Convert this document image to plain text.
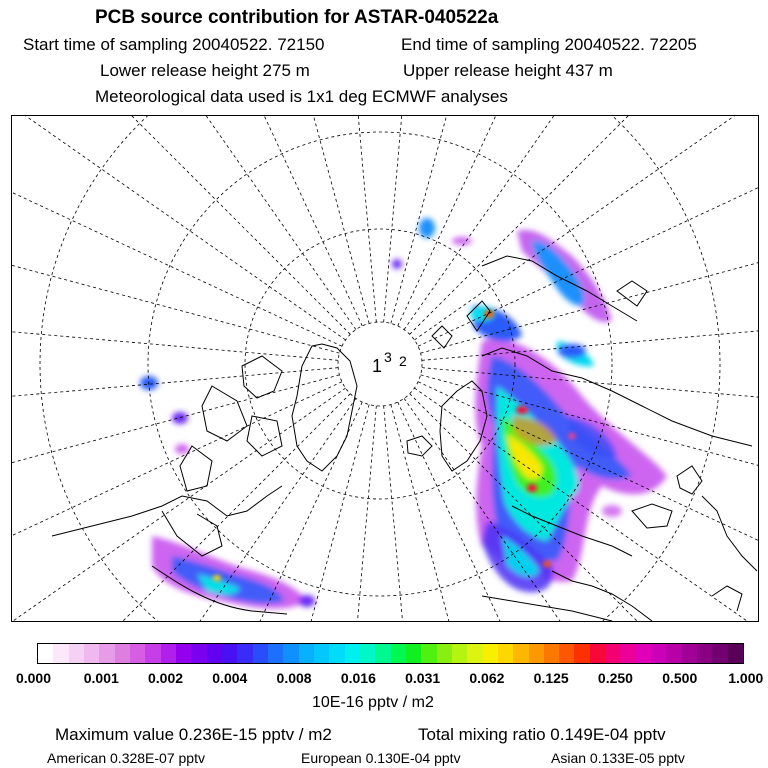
PCB source contribution for ASTAR-040522a
Start time of sampling 20040522. 72150	End time of sampling 20040522. 72205
Lower release height 275 m	Upper release height 437 m
Meteorological data used is 1x1 deg ECMWF analyses
1 3 2
0.000 0.001 0.002 0.004 0.008 0.016 0.031 0.062 0.125 0.250 0.500 1.000
10E-16 pptv / m2
Maximum value 0.236E-15 pptv / m2	Total mixing ratio 0.149E-04 pptv
American 0.328E-07 pptv	European 0.130E-04 pptv	Asian 0.133E-05 pptv
